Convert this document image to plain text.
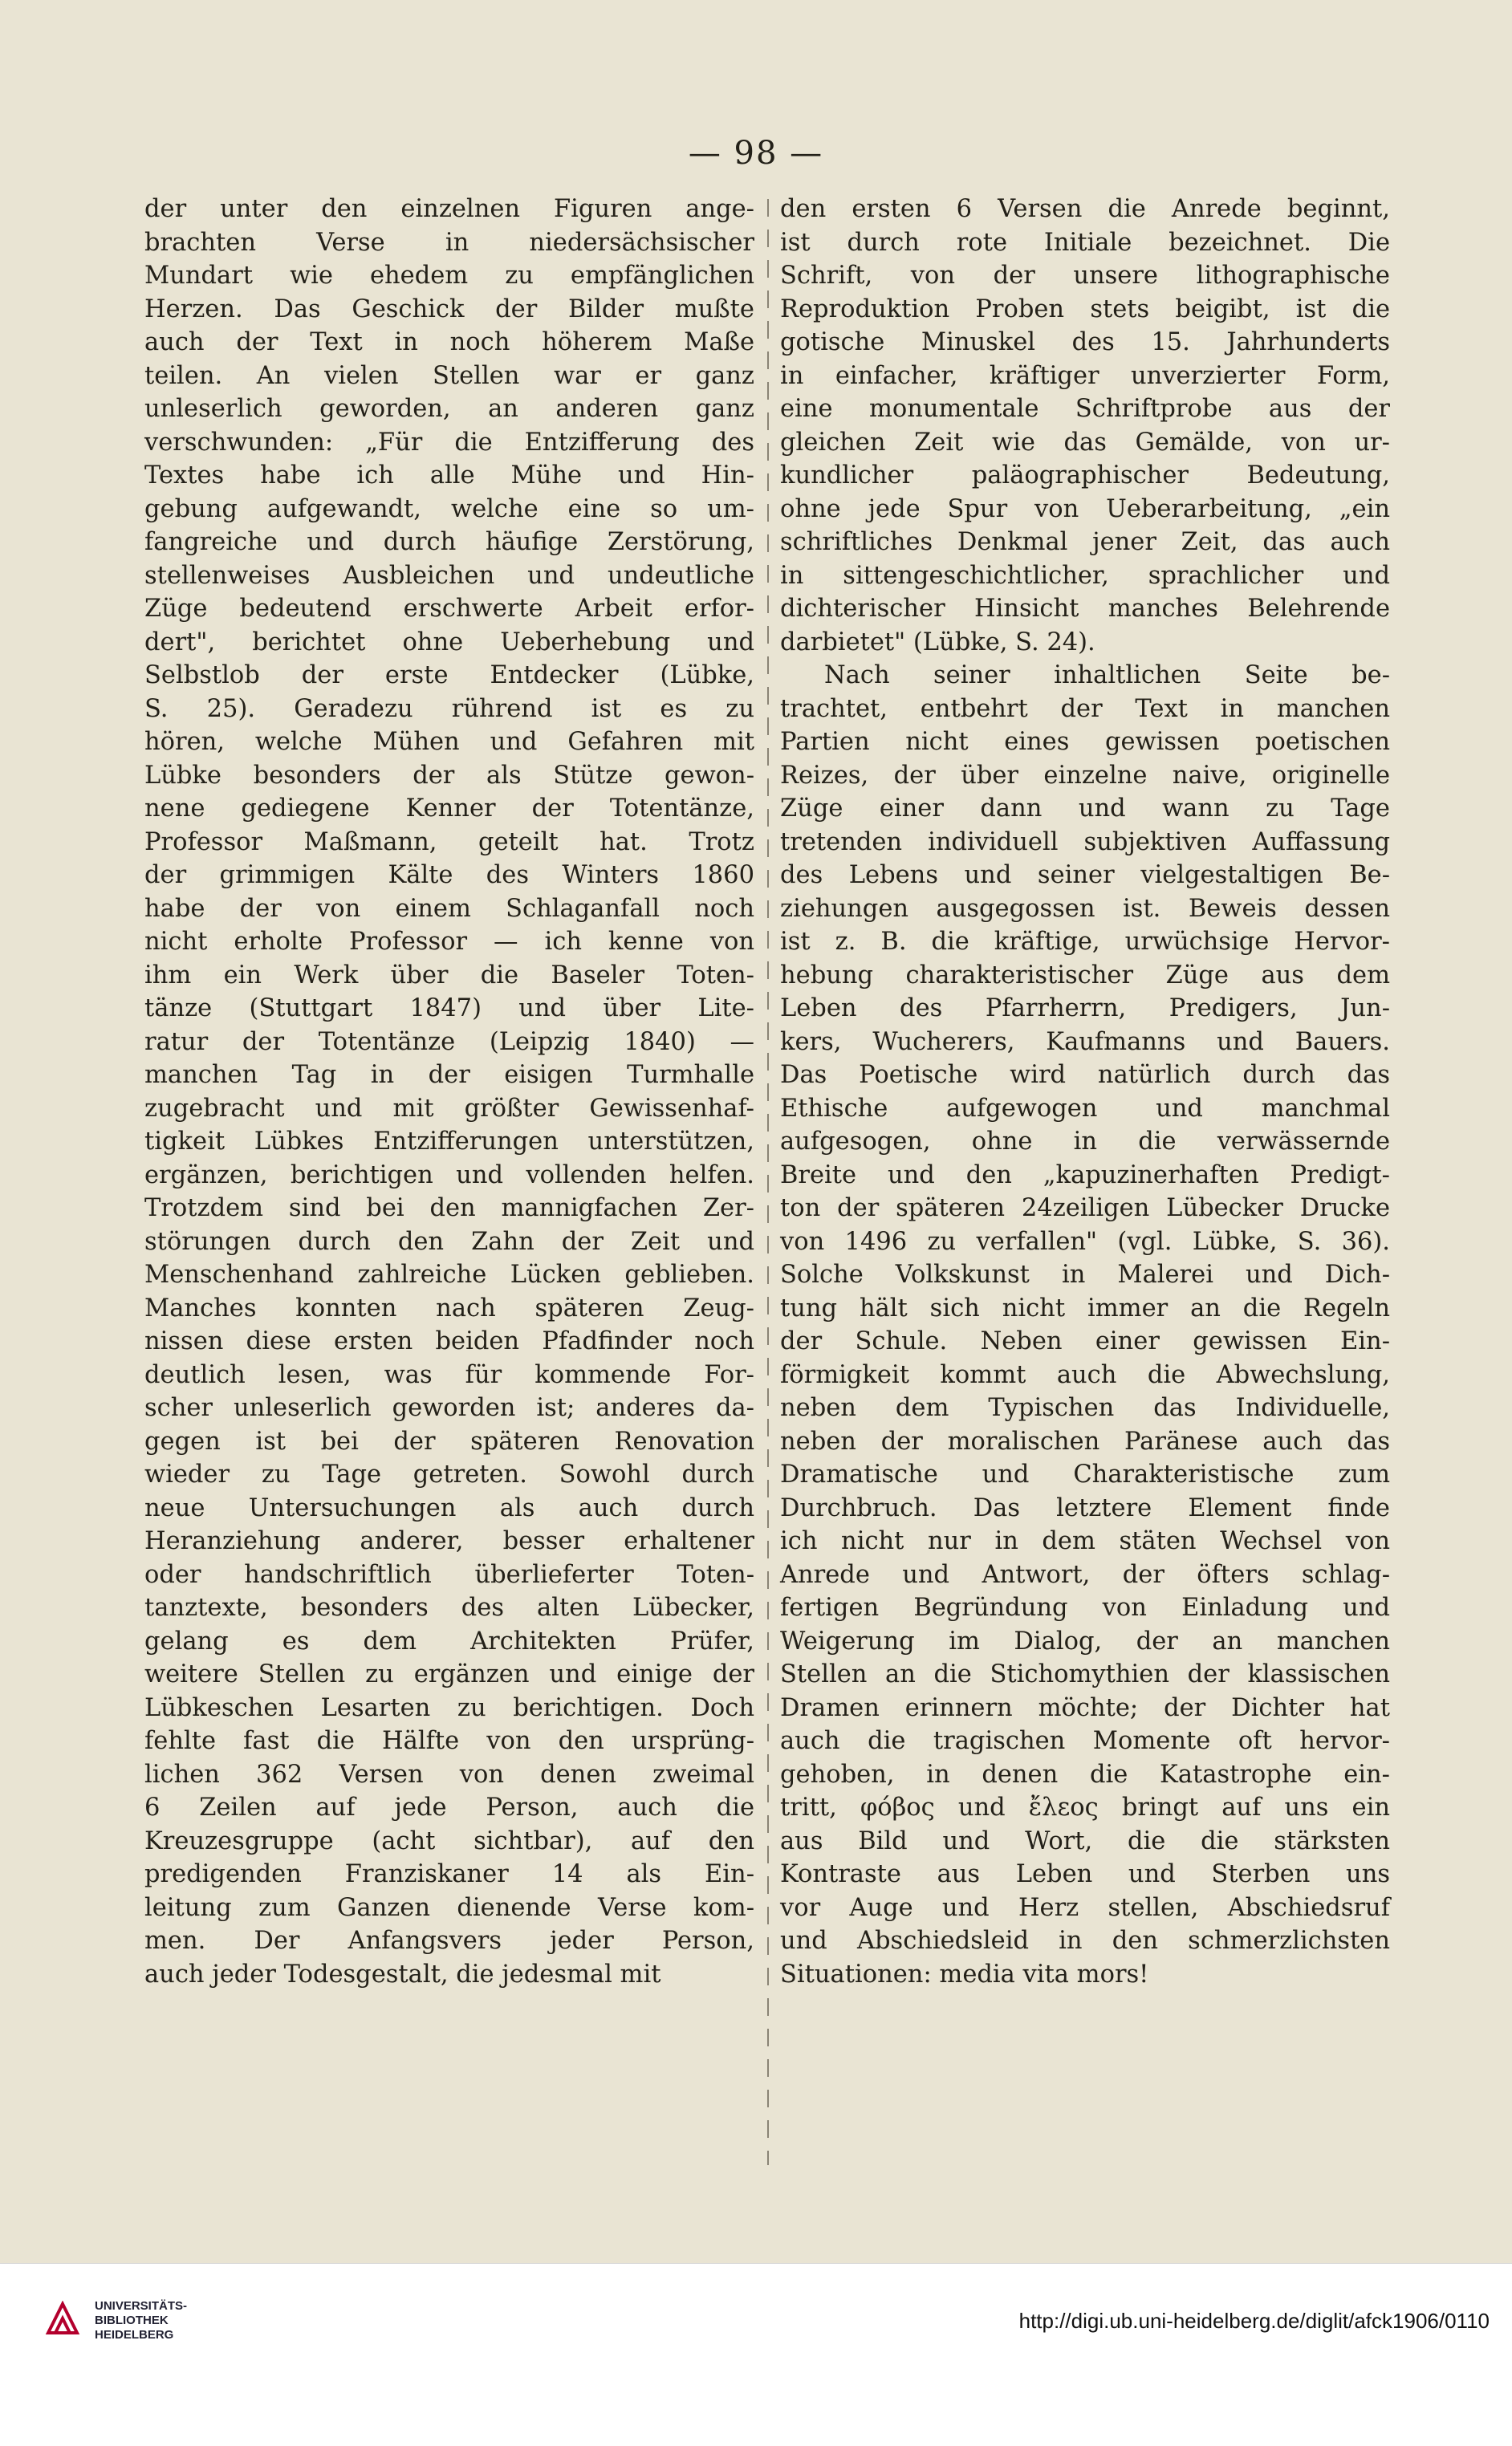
— 98 —

der unter den einzelnen Figuren ange-
brachten Verse in niedersächsischer
Mundart wie ehedem zu empfänglichen
Herzen. Das Geschick der Bilder mußte
auch der Text in noch höherem Maße
teilen. An vielen Stellen war er ganz
unleserlich geworden, an anderen ganz
verschwunden: „Für die Entzifferung des
Textes habe ich alle Mühe und Hin-
gebung aufgewandt, welche eine so um-
fangreiche und durch häufige Zerstörung,
stellenweises Ausbleichen und undeutliche
Züge bedeutend erschwerte Arbeit erfor-
dert", berichtet ohne Ueberhebung und
Selbstlob der erste Entdecker (Lübke,
S. 25). Geradezu rührend ist es zu
hören, welche Mühen und Gefahren mit
Lübke besonders der als Stütze gewon-
nene gediegene Kenner der Totentänze,
Professor Maßmann, geteilt hat. Trotz
der grimmigen Kälte des Winters 1860
habe der von einem Schlaganfall noch
nicht erholte Professor — ich kenne von
ihm ein Werk über die Baseler Toten-
tänze (Stuttgart 1847) und über Lite-
ratur der Totentänze (Leipzig 1840) —
manchen Tag in der eisigen Turmhalle
zugebracht und mit größter Gewissenhaf-
tigkeit Lübkes Entzifferungen unterstützen,
ergänzen, berichtigen und vollenden helfen.
Trotzdem sind bei den mannigfachen Zer-
störungen durch den Zahn der Zeit und
Menschenhand zahlreiche Lücken geblieben.
Manches konnten nach späteren Zeug-
nissen diese ersten beiden Pfadfinder noch
deutlich lesen, was für kommende For-
scher unleserlich geworden ist; anderes da-
gegen ist bei der späteren Renovation
wieder zu Tage getreten. Sowohl durch
neue Untersuchungen als auch durch
Heranziehung anderer, besser erhaltener
oder handschriftlich überlieferter Toten-
tanztexte, besonders des alten Lübecker,
gelang es dem Architekten Prüfer,
weitere Stellen zu ergänzen und einige der
Lübkeschen Lesarten zu berichtigen. Doch
fehlte fast die Hälfte von den ursprüng-
lichen 362 Versen von denen zweimal
6 Zeilen auf jede Person, auch die
Kreuzesgruppe (acht sichtbar), auf den
predigenden Franziskaner 14 als Ein-
leitung zum Ganzen dienende Verse kom-
men. Der Anfangsvers jeder Person,
auch jeder Todesgestalt, die jedesmal mit

den ersten 6 Versen die Anrede beginnt,
ist durch rote Initiale bezeichnet. Die
Schrift, von der unsere lithographische
Reproduktion Proben stets beigibt, ist die
gotische Minuskel des 15. Jahrhunderts
in einfacher, kräftiger unverzierter Form,
eine monumentale Schriftprobe aus der
gleichen Zeit wie das Gemälde, von ur-
kundlicher paläographischer Bedeutung,
ohne jede Spur von Ueberarbeitung, „ein
schriftliches Denkmal jener Zeit, das auch
in sittengeschichtlicher, sprachlicher und
dichterischer Hinsicht manches Belehrende
darbietet" (Lübke, S. 24).

Nach seiner inhaltlichen Seite be-
trachtet, entbehrt der Text in manchen
Partien nicht eines gewissen poetischen
Reizes, der über einzelne naive, originelle
Züge einer dann und wann zu Tage
tretenden individuell subjektiven Auffassung
des Lebens und seiner vielgestaltigen Be-
ziehungen ausgegossen ist. Beweis dessen
ist z. B. die kräftige, urwüchsige Hervor-
hebung charakteristischer Züge aus dem
Leben des Pfarrherrn, Predigers, Jun-
kers, Wucherers, Kaufmanns und Bauers.
Das Poetische wird natürlich durch das
Ethische aufgewogen und manchmal
aufgesogen, ohne in die verwässernde
Breite und den „kapuzinerhaften Predigt-
ton der späteren 24zeiligen Lübecker Drucke
von 1496 zu verfallen" (vgl. Lübke, S. 36).
Solche Volkskunst in Malerei und Dich-
tung hält sich nicht immer an die Regeln
der Schule. Neben einer gewissen Ein-
förmigkeit kommt auch die Abwechslung,
neben dem Typischen das Individuelle,
neben der moralischen Paränese auch das
Dramatische und Charakteristische zum
Durchbruch. Das letztere Element finde
ich nicht nur in dem stäten Wechsel von
Anrede und Antwort, der öfters schlag-
fertigen Begründung von Einladung und
Weigerung im Dialog, der an manchen
Stellen an die Stichomythien der klassischen
Dramen erinnern möchte; der Dichter hat
auch die tragischen Momente oft hervor-
gehoben, in denen die Katastrophe ein-
tritt, φόβος und ἔλεος bringt auf uns ein
aus Bild und Wort, die die stärksten
Kontraste aus Leben und Sterben uns
vor Auge und Herz stellen, Abschiedsruf
und Abschiedsleid in den schmerzlichsten
Situationen: media vita mors!

UNIVERSITÄTS-
BIBLIOTHEK
HEIDELBERG
http://digi.ub.uni-heidelberg.de/diglit/afck1906/0110
